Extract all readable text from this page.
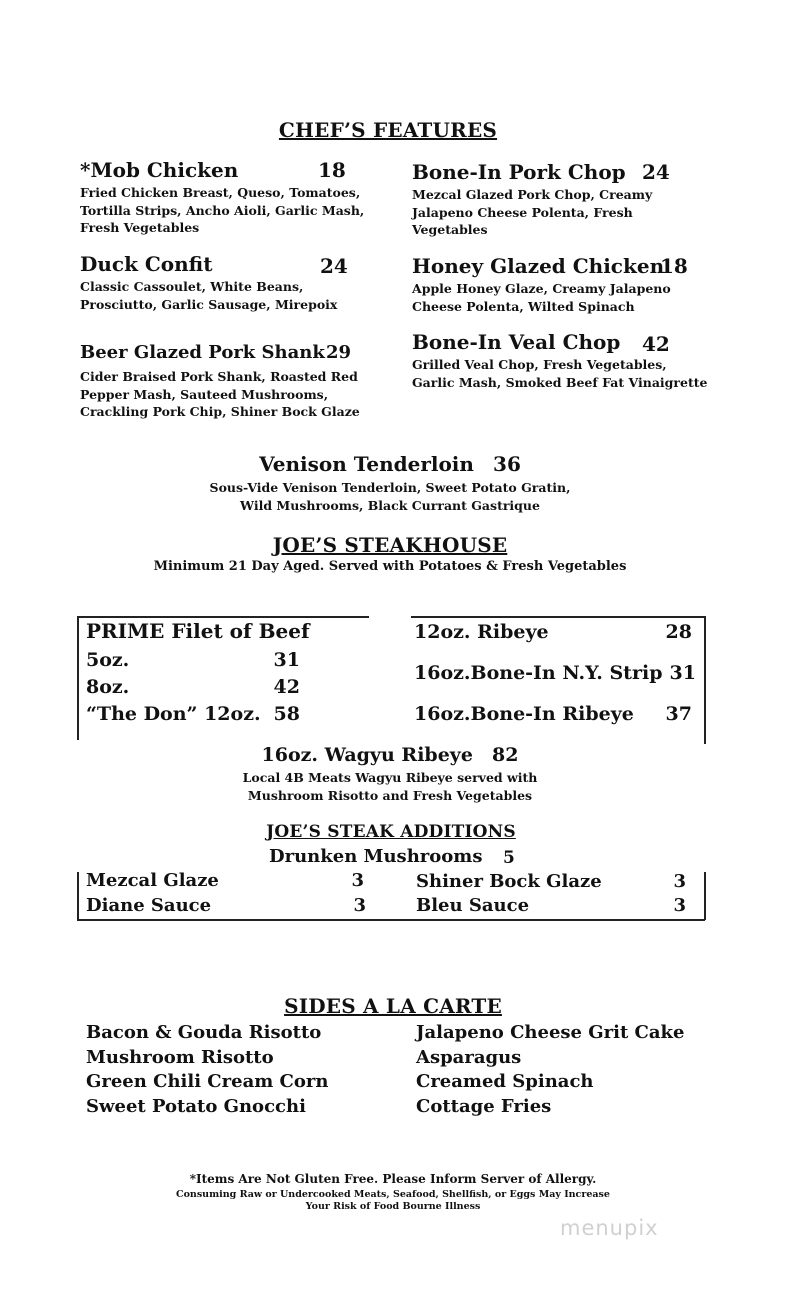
CHEF’S FEATURES
*Mob Chicken	18
Fried Chicken Breast, Queso, Tomatoes,
Tortilla Strips, Ancho Aioli, Garlic Mash,
Fresh Vegetables
Duck Confit	24
Classic Cassoulet, White Beans,
Prosciutto, Garlic Sausage, Mirepoix
Beer Glazed Pork Shank 29
Cider Braised Pork Shank, Roasted Red
Pepper Mash, Sauteed Mushrooms,
Crackling Pork Chip, Shiner Bock Glaze
Bone-In Pork Chop 24
Mezcal Glazed Pork Chop, Creamy
Jalapeno Cheese Polenta, Fresh
Vegetables
Honey Glazed Chicken
18
Apple Honey Glaze, Creamy Jalapeno
Cheese Polenta, Wilted Spinach
Bone-In Veal Chop 42
Grilled Veal Chop, Fresh Vegetables,
Garlic Mash, Smoked Beef Fat Vinaigrette
Venison Tenderloin 36
Sous-Vide Venison Tenderloin, Sweet Potato Gratin,
Wild Mushrooms, Black Currant Gastrique
JOE’S STEAKHOUSE
Minimum 21 Day Aged. Served with Potatoes & Fresh Vegetables
PRIME Filet of Beef
5oz.	31
8oz.	42
“The Don” 12oz. 58
12oz. Ribeye	28
16oz.Bone-In N.Y. Strip 31
16oz.Bone-In Ribeye 37
16oz. Wagyu Ribeye 82
Local 4B Meats Wagyu Ribeye served with
Mushroom Risotto and Fresh Vegetables
JOE’S STEAK ADDITIONS
Drunken Mushrooms 5
Mezcal Glaze	3
Diane Sauce	3
Shiner Bock Glaze	3
Bleu Sauce	3
SIDES A LA CARTE
Bacon & Gouda Risotto
Mushroom Risotto
Green Chili Cream Corn
Sweet Potato Gnocchi
Jalapeno Cheese Grit Cake
Asparagus
Creamed Spinach
Cottage Fries
*Items Are Not Gluten Free. Please Inform Server of Allergy.
Consuming Raw or Undercooked Meats, Seafood, Shellfish, or Eggs May Increase
Your Risk of Food Bourne Illness
menupix
